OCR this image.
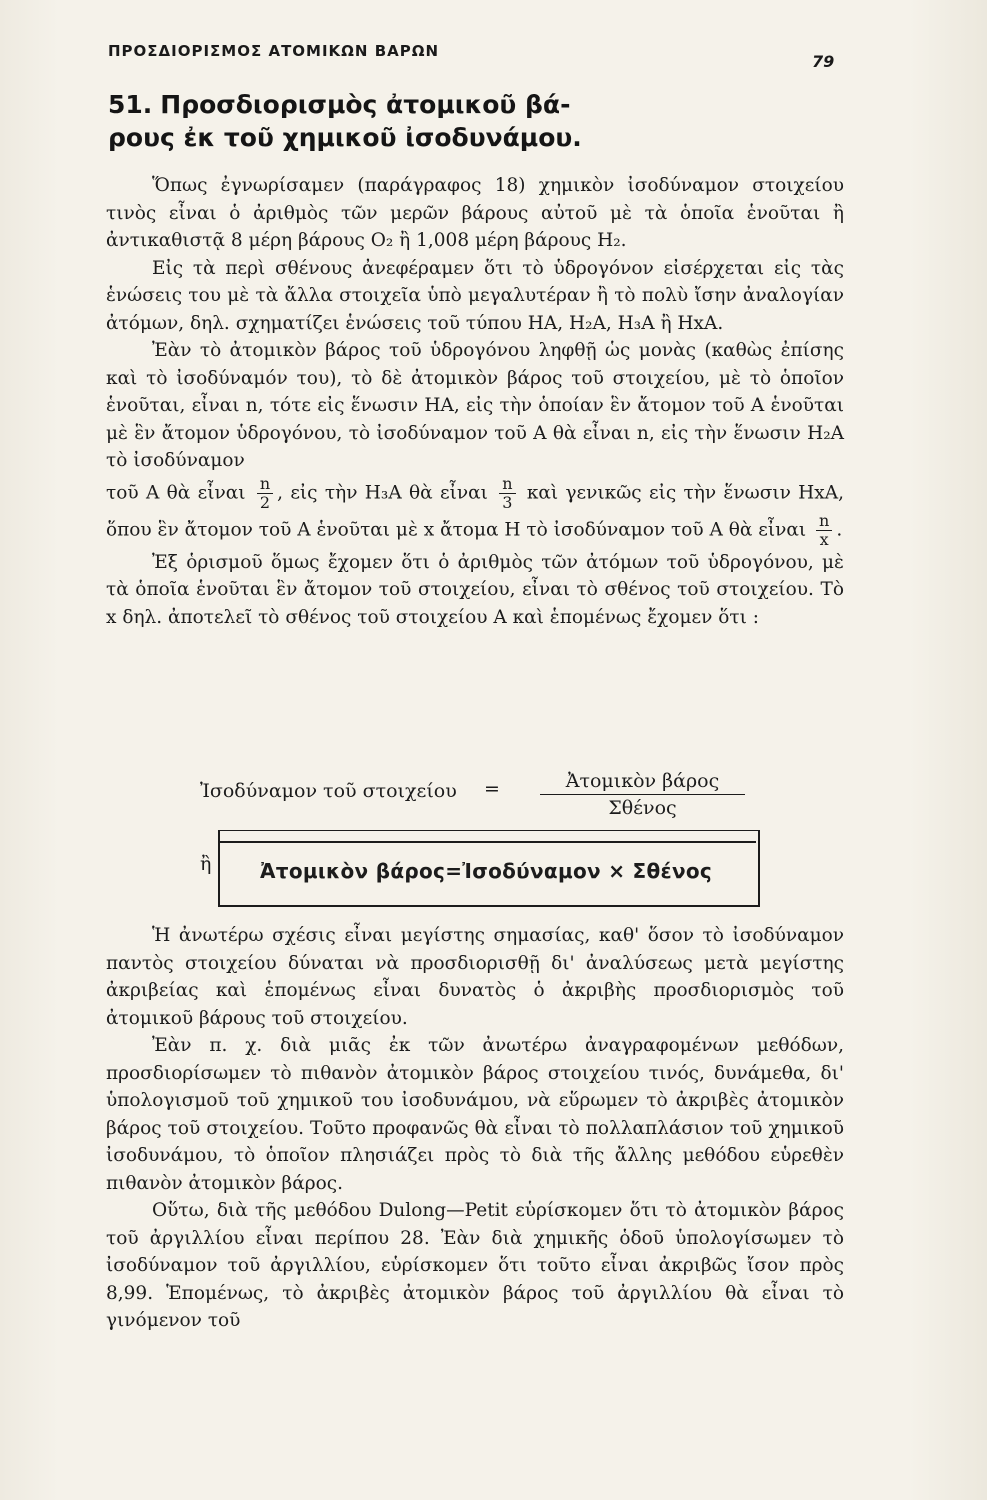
ΠΡΟΣΔΙΟΡΙΣΜΟΣ ΑΤΟΜΙΚΩΝ ΒΑΡΩΝ
79
51. Προσδιορισμὸς ἀτομικοῦ βά-
ρους ἐκ τοῦ χημικοῦ ἰσοδυνάμου.

Ὅπως ἐγνωρίσαμεν (παράγραφος 18) χημικὸν ἰσοδύναμον στοιχείου τινὸς εἶναι ὁ ἀριθμὸς τῶν μερῶν βάρους αὐτοῦ μὲ τὰ ὁποῖα ἑνοῦται ἢ ἀντικαθιστᾷ 8 μέρη βάρους O₂ ἢ 1,008 μέρη βάρους H₂.

Εἰς τὰ περὶ σθένους ἀνεφέραμεν ὅτι τὸ ὑδρογόνον εἰσέρχεται εἰς τὰς ἑνώσεις του μὲ τὰ ἄλλα στοιχεῖα ὑπὸ μεγαλυτέραν ἢ τὸ πολὺ ἴσην ἀναλογίαν ἀτόμων, δηλ. σχηματίζει ἑνώσεις τοῦ τύπου HA, H₂A, H₃A ἢ HxA.

Ἐὰν τὸ ἀτομικὸν βάρος τοῦ ὑδρογόνου ληφθῇ ὡς μονὰς (καθὼς ἐπίσης καὶ τὸ ἰσοδύναμόν του), τὸ δὲ ἀτομικὸν βάρος τοῦ στοιχείου, μὲ τὸ ὁποῖον ἑνοῦται, εἶναι n, τότε εἰς ἕνωσιν HA, εἰς τὴν ὁποίαν ἓν ἄτομον τοῦ A ἑνοῦται μὲ ἓν ἄτομον ὑδρογόνου, τὸ ἰσοδύναμον τοῦ A θὰ εἶναι n, εἰς τὴν ἕνωσιν H₂A τὸ ἰσοδύναμον

τοῦ A θὰ εἶναι $\frac{n}{2}$ , εἰς τὴν H₃A θὰ εἶναι $\frac{n}{3}$ καὶ γενικῶς εἰς τὴν ἕνωσιν HxA, ὅπου ἓν ἄτομον τοῦ A ἑνοῦται μὲ x ἄτομα H τὸ ἰσοδύναμον τοῦ A θὰ εἶναι $\frac{n}{x}$ .

Ἐξ ὁρισμοῦ ὅμως ἔχομεν ὅτι ὁ ἀριθμὸς τῶν ἀτόμων τοῦ ὑδρογόνου, μὲ τὰ ὁποῖα ἑνοῦται ἓν ἄτομον τοῦ στοιχείου, εἶναι τὸ σθένος τοῦ στοιχείου. Τὸ x δηλ. ἀποτελεῖ τὸ σθένος τοῦ στοιχείου A καὶ ἑπομένως ἔχομεν ὅτι :

Ἰσοδύναμον τοῦ στοιχείου =	Ἀτομικὸν βάρος
Σθένος
ἢ Ἀτομικὸν βάρος=Ἰσοδύναμον × Σθένος

Ἡ ἀνωτέρω σχέσις εἶναι μεγίστης σημασίας, καθ' ὅσον τὸ ἰσοδύναμον παντὸς στοιχείου δύναται νὰ προσδιορισθῇ δι' ἀναλύσεως μετὰ μεγίστης ἀκριβείας καὶ ἑπομένως εἶναι δυνατὸς ὁ ἀκριβὴς προσδιορισμὸς τοῦ ἀτομικοῦ βάρους τοῦ στοιχείου.

Ἐὰν π. χ. διὰ μιᾶς ἐκ τῶν ἀνωτέρω ἀναγραφομένων μεθόδων, προσδιορίσωμεν τὸ πιθανὸν ἀτομικὸν βάρος στοιχείου τινός, δυνάμεθα, δι' ὑπολογισμοῦ τοῦ χημικοῦ του ἰσοδυνάμου, νὰ εὕρωμεν τὸ ἀκριβὲς ἀτομικὸν βάρος τοῦ στοιχείου. Τοῦτο προφανῶς θὰ εἶναι τὸ πολλαπλάσιον τοῦ χημικοῦ ἰσοδυνάμου, τὸ ὁποῖον πλησιάζει πρὸς τὸ διὰ τῆς ἄλλης μεθόδου εὑρεθὲν πιθανὸν ἀτομικὸν βάρος.

Οὕτω, διὰ τῆς μεθόδου Dulong—Petit εὑρίσκομεν ὅτι τὸ ἀτομικὸν βάρος τοῦ ἀργιλλίου εἶναι περίπου 28. Ἐὰν διὰ χημικῆς ὁδοῦ ὑπολογίσωμεν τὸ ἰσοδύναμον τοῦ ἀργιλλίου, εὑρίσκομεν ὅτι τοῦτο εἶναι ἀκριβῶς ἴσον πρὸς 8,99. Ἑπομένως, τὸ ἀκριβὲς ἀτομικὸν βάρος τοῦ ἀργιλλίου θὰ εἶναι τὸ γινόμενον τοῦ
